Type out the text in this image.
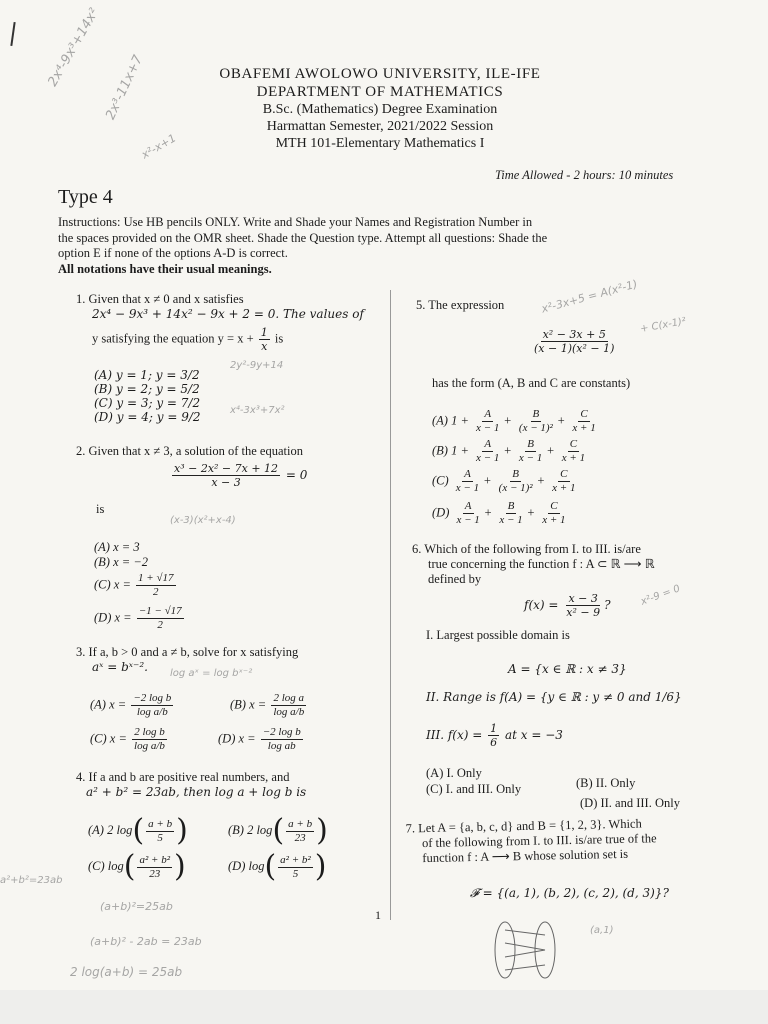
2x⁴-9x³+14x² 2x³-11x+7
x²-x+1
x²-3x+5 = A(x²-1)
+ C(x-1)²
2y²-9y+14
x⁴-3x³+7x²
(x-3)(x²+x-4)
x²-9 = 0
log aˣ = log bˣ⁻²
a²+b²=23ab
(a+b)²=25ab
(a+b)² - 2ab = 23ab
2 log(a+b) = 25ab
(a,1)
OBAFEMI AWOLOWO UNIVERSITY, ILE-IFE
DEPARTMENT OF MATHEMATICS
B.Sc. (Mathematics) Degree Examination
Harmattan Semester, 2021/2022 Session
MTH 101-Elementary Mathematics I
Time Allowed - 2 hours: 10 minutes
Type 4
Instructions: Use HB pencils ONLY. Write and Shade your Names and Registration Number in
the spaces provided on the OMR sheet. Shade the Question type. Attempt all questions: Shade the
option E if none of the options A-D is correct.
All notations have their usual meanings.
1. Given that x ≠ 0 and x satisfies
2x⁴ − 9x³ + 14x² − 9x + 2 = 0. The values of
y satisfying the equation $y = x + \frac{1}{x}$ is
(A) y = 1; y = 3/2
(B) y = 2; y = 5/2
(C) y = 3; y = 7/2
(D) y = 4; y = 9/2
2. Given that x ≠ 3, a solution of the equation
$\frac{\text{x³ − 2x² − 7x + 12}}{x - 3} = 0$
is
(A) x = 3
(B) x = −2
(C) $x = \frac{1 + √17}{2}$
(D) $x = \frac{-1 - √17}{2}$
3. If a, b > 0 and a ≠ b, solve for x satisfying
aˣ = bˣ⁻².
(A) $x = \frac{\text{−2 log b}}{\text{log a/b}}$	(B) $x = \frac{\text{2 log a}}{\text{log a/b}}$
(C) $x = \frac{\text{2 log b}}{\text{log a/b}}$	(D) $x = \frac{\text{−2 log b}}{\text{log ab}}$
4. If a and b are positive real numbers, and
a² + b² = 23ab, then log a + log b is
(A) 2 $\log( \frac{a + b}{5}$ )	(B) 2 $\log( \frac{a + b}{23}$ )
(C) $\log( \frac{\text{a² + b²}}{23}$ )	(D) $\log( \frac{\text{a² + b²}}{5}$ )
5. The expression
$\frac{\text{x² − 3x + 5}}{\text{(x − 1)(x² − 1)}}$
has the form (A, B and C are constants)
(A) $1 + \frac{A}{x - 1} + \frac{B}{\text{(x − 1)²}} + \frac{C}{x + 1}$
(B) $1 + \frac{A}{x - 1} + \frac{B}{x - 1} + \frac{C}{x + 1}$
$(C) \frac{A}{x - 1} + \frac{B}{\text{(x − 1)²}} + \frac{C}{x + 1}$
$(D) \frac{A}{x - 1} + \frac{B}{x - 1} + \frac{C}{x + 1}$
6. Which of the following from I. to III. is/are
true concerning the function f : A ⊂ ℝ ⟶ ℝ
defined by
$f(x) = \frac{x - 3}{\text{x² − 9}}$ ?
I. Largest possible domain is
A = {x ∈ ℝ : x ≠ 3}
II. Range is f(A) = {y ∈ ℝ : y ≠ 0 and 1/6}
III. $f(x) = \frac{1}{6}$ at x = −3
(A) I. Only
(B) II. Only
(C) I. and III. Only
(D) II. and III. Only
7. Let A = {a, b, c, d} and B = {1, 2, 3}. Which
of the following from I. to III. is/are true of the
function f : A ⟶ B whose solution set is
𝓕 = {(a, 1), (b, 2), (c, 2), (d, 3)}?
1
